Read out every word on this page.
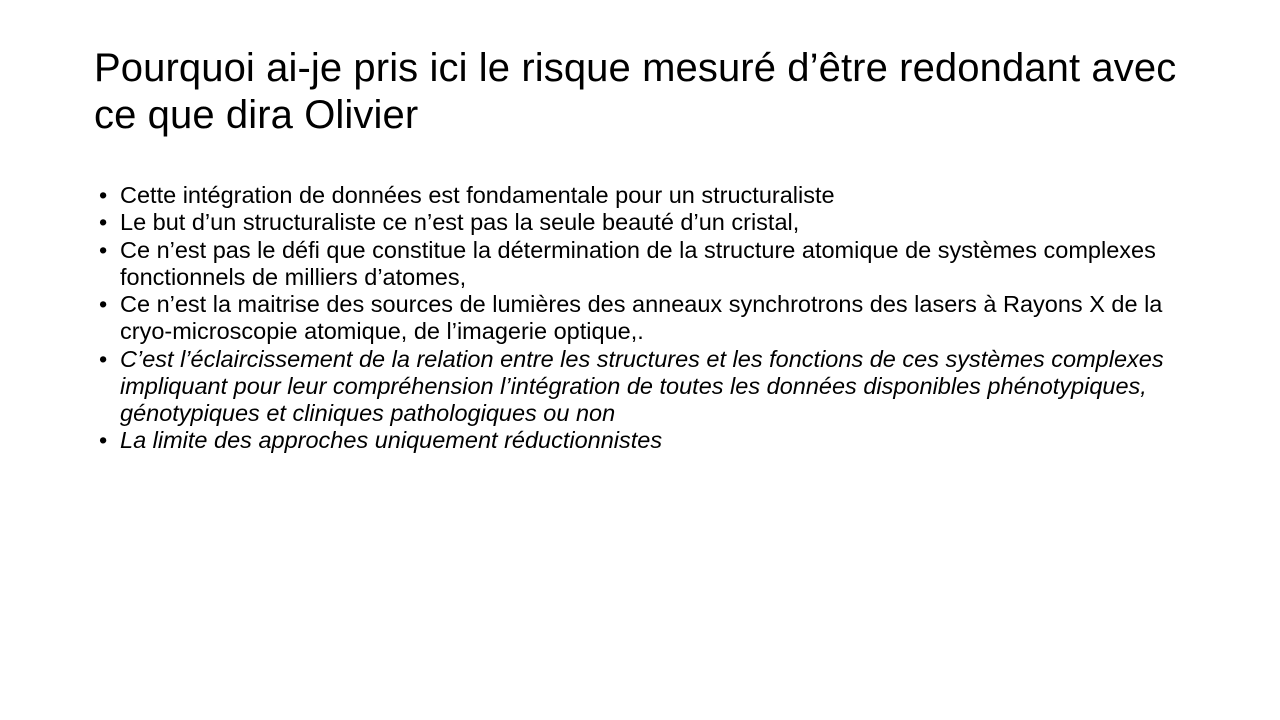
Pourquoi ai-je pris ici le risque mesuré d’être redondant avec ce que dira Olivier
• Cette intégration de données est fondamentale pour un structuraliste
• Le but d’un structuraliste ce n’est pas la seule beauté d’un cristal,
• Ce n’est pas le défi que constitue la détermination de la structure atomique de systèmes complexes fonctionnels de milliers d’atomes,
• Ce n’est la maitrise des sources de lumières des anneaux synchrotrons des lasers à Rayons X de la cryo-microscopie atomique, de l’imagerie optique,.
• C’est l’éclaircissement de la relation entre les structures et les fonctions de ces systèmes complexes impliquant pour leur compréhension l’intégration de toutes les données disponibles phénotypiques, génotypiques et cliniques pathologiques ou non
• La limite des approches uniquement réductionnistes
